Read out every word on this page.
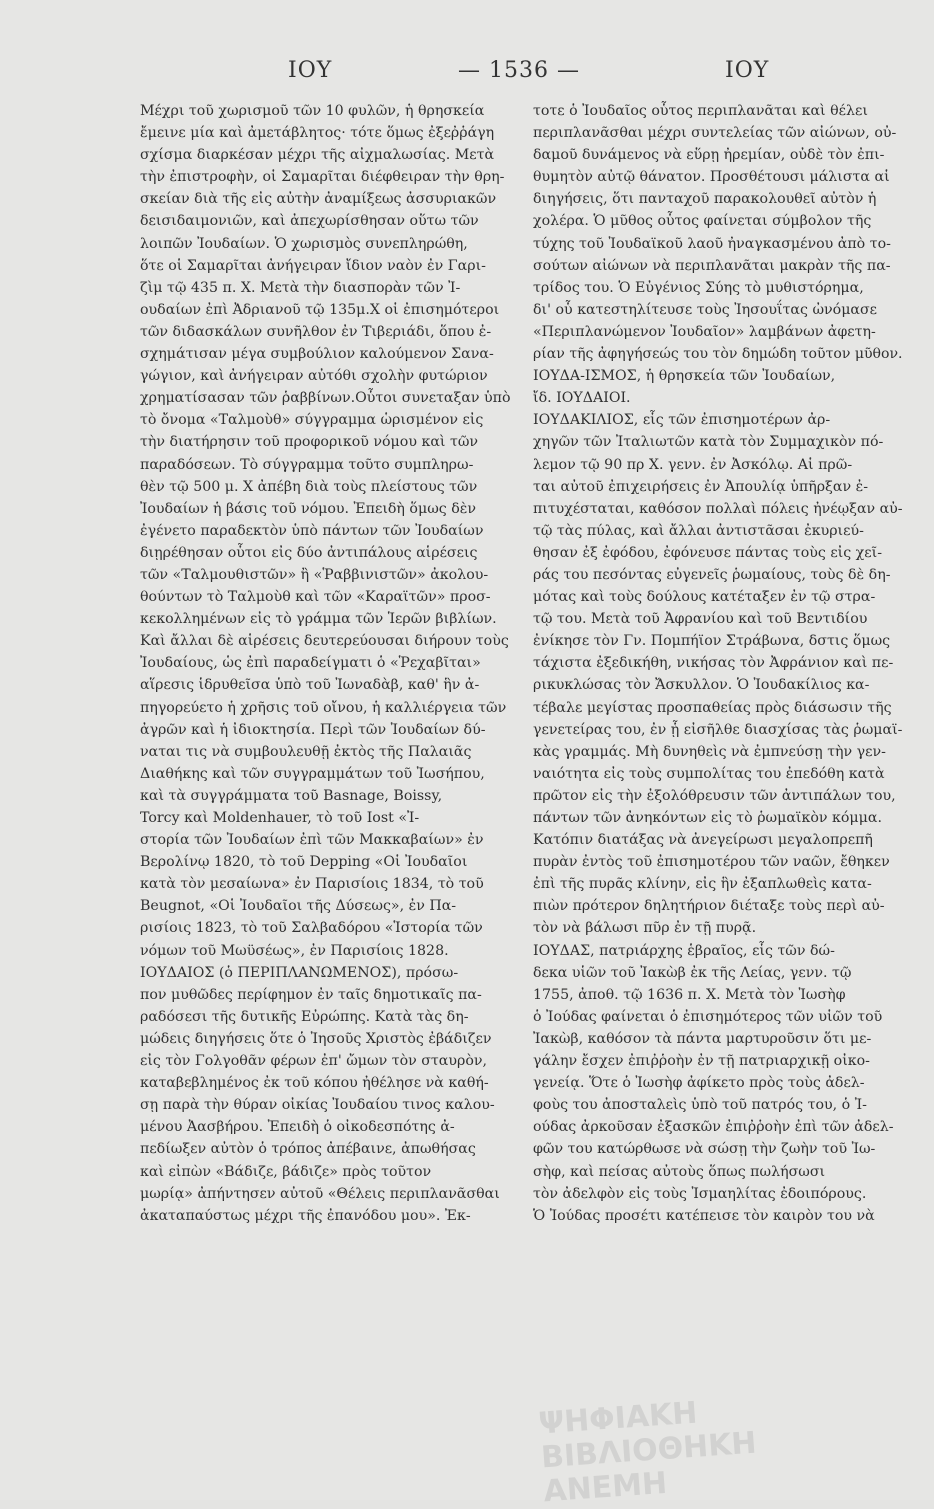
ΙΟΥ	— 1536 —	ΙΟΥ
Μέχρι τοῦ χωρισμοῦ τῶν 10 φυλῶν, ἡ θρησκεία
ἔμεινε μία καὶ ἀμετάβλητος· τότε ὅμως ἐξεῤῥάγη
σχίσμα διαρκέσαν μέχρι τῆς αἰχμαλωσίας. Μετὰ
τὴν ἐπιστροφὴν, οἱ Σαμαρῖται διέφθειραν τὴν θρη-
σκείαν διὰ τῆς εἰς αὐτὴν ἀναμίξεως ἀσσυριακῶν
δεισιδαιμονιῶν, καὶ ἀπεχωρίσθησαν οὕτω τῶν
λοιπῶν Ἰουδαίων. Ὁ χωρισμὸς συνεπληρώθη,
ὅτε οἱ Σαμαρῖται ἀνήγειραν ἴδιον ναὸν ἐν Γαρι-
ζὶμ τῷ 435 π. Χ. Μετὰ τὴν διασπορὰν τῶν Ἰ-
ουδαίων ἐπὶ Ἀδριανοῦ τῷ 135μ.Χ οἱ ἐπισημότεροι
τῶν διδασκάλων συνῆλθον ἐν Τιβεριάδι, ὅπου ἐ-
σχημάτισαν μέγα συμβούλιον καλούμενον Σανα-
γώγιον, καὶ ἀνήγειραν αὐτόθι σχολὴν φυτώριον
χρηματίσασαν τῶν ῥαββίνων.Οὗτοι συνεταξαν ὑπὸ
τὸ ὄνομα «Ταλμοὺθ» σύγγραμμα ὡρισμένον εἰς
τὴν διατήρησιν τοῦ προφορικοῦ νόμου καὶ τῶν
παραδόσεων. Τὸ σύγγραμμα τοῦτο συμπληρω-
θὲν τῷ 500 μ. Χ ἀπέβη διὰ τοὺς πλείστους τῶν
Ἰουδαίων ἡ βάσις τοῦ νόμου. Ἐπειδὴ ὅμως δὲν
ἐγένετο παραδεκτὸν ὑπὸ πάντων τῶν Ἰουδαίων
διῃρέθησαν οὗτοι εἰς δύο ἀντιπάλους αἱρέσεις
τῶν «Ταλμουθιστῶν» ἢ «Ῥαββινιστῶν» ἀκολου-
θούντων τὸ Ταλμοὺθ καὶ τῶν «Καραϊτῶν» προσ-
κεκολλημένων εἰς τὸ γράμμα τῶν Ἱερῶν βιβλίων.
Καὶ ἄλλαι δὲ αἱρέσεις δευτερεύουσαι διήρουν τοὺς
Ἰουδαίους, ὡς ἐπὶ παραδείγματι ὁ «Ῥεχαβῖται»
αἵρεσις ἱδρυθεῖσα ὑπὸ τοῦ Ἰωναδὰβ, καθ' ἣν ἀ-
πηγορεύετο ἡ χρῆσις τοῦ οἴνου, ἡ καλλιέργεια τῶν
ἀγρῶν καὶ ἡ ἰδιοκτησία. Περὶ τῶν Ἰουδαίων δύ-
ναται τις νὰ συμβουλευθῇ ἐκτὸς τῆς Παλαιᾶς
Διαθήκης καὶ τῶν συγγραμμάτων τοῦ Ἰωσήπου,
καὶ τὰ συγγράμματα τοῦ Basnage, Boissy,
Torcy καὶ Moldenhauer, τὸ τοῦ Iost «Ἰ-
στορία τῶν Ἰουδαίων ἐπὶ τῶν Μακκαβαίων» ἐν
Βερολίνῳ 1820, τὸ τοῦ Depping «Οἱ Ἰουδαῖοι
κατὰ τὸν μεσαίωνα» ἐν Παρισίοις 1834, τὸ τοῦ
Beugnot, «Οἱ Ἰουδαῖοι τῆς Δύσεως», ἐν Πα-
ρισίοις 1823, τὸ τοῦ Σαλβαδόρου «Ἱστορία τῶν
νόμων τοῦ Μωϋσέως», ἐν Παρισίοις 1828.
ΙΟΥΔΑΙΟΣ (ὁ ΠΕΡΙΠΛΑΝΩΜΕΝΟΣ), πρόσω-
πον μυθῶδες περίφημον ἐν ταῖς δημοτικαῖς πα-
ραδόσεσι τῆς δυτικῆς Εὐρώπης. Κατὰ τὰς δη-
μώδεις διηγήσεις ὅτε ὁ Ἰησοῦς Χριστὸς ἐβάδιζεν
εἰς τὸν Γολγοθᾶν φέρων ἐπ' ὤμων τὸν σταυρὸν,
καταβεβλημένος ἐκ τοῦ κόπου ἠθέλησε νὰ καθή-
σῃ παρὰ τὴν θύραν οἰκίας Ἰουδαίου τινος καλου-
μένου Ἀασβήρου. Ἐπειδὴ ὁ οἰκοδεσπότης ἀ-
πεδίωξεν αὐτὸν ὁ τρόπος ἀπέβαινε, ἀπωθήσας
καὶ εἰπὼν «Βάδιζε, βάδιζε» πρὸς τοῦτον
μωρίᾳ» ἀπήντησεν αὐτοῦ «Θέλεις περιπλανᾶσθαι
ἀκαταπαύστως μέχρι τῆς ἐπανόδου μου». Ἐκ-
τοτε ὁ Ἰουδαῖος οὗτος περιπλανᾶται καὶ θέλει
περιπλανᾶσθαι μέχρι συντελείας τῶν αἰώνων, οὐ-
δαμοῦ δυνάμενος νὰ εὕρῃ ἠρεμίαν, οὐδὲ τὸν ἐπι-
θυμητὸν αὐτῷ θάνατον. Προσθέτουσι μάλιστα αἱ
διηγήσεις, ὅτι πανταχοῦ παρακολουθεῖ αὐτὸν ἡ
χολέρα. Ὁ μῦθος οὗτος φαίνεται σύμβολον τῆς
τύχης τοῦ Ἰουδαϊκοῦ λαοῦ ἠναγκασμένου ἀπὸ το-
σούτων αἰώνων νὰ περιπλανᾶται μακρὰν τῆς πα-
τρίδος του. Ὁ Εὐγένιος Σύης τὸ μυθιστόρημα,
δι' οὗ κατεστηλίτευσε τοὺς Ἰησουΐτας ὠνόμασε
«Περιπλανώμενον Ἰουδαῖον» λαμβάνων ἀφετη-
ρίαν τῆς ἀφηγήσεώς του τὸν δημώδη τοῦτον μῦθον.
ΙΟΥΔΑ-ΙΣΜΟΣ, ἡ θρησκεία τῶν Ἰουδαίων,
ἴδ. ΙΟΥΔΑΙΟΙ.
ΙΟΥΔΑΚΙΛΙΟΣ, εἷς τῶν ἐπισημοτέρων ἀρ-
χηγῶν τῶν Ἰταλιωτῶν κατὰ τὸν Συμμαχικὸν πό-
λεμον τῷ 90 πρ Χ. γενν. ἐν Ἀσκόλῳ. Αἱ πρῶ-
ται αὐτοῦ ἐπιχειρήσεις ἐν Ἀπουλίᾳ ὑπῆρξαν ἐ-
πιτυχέσταται, καθόσον πολλαὶ πόλεις ἠνέῳξαν αὐ-
τῷ τὰς πύλας, καὶ ἄλλαι ἀντιστᾶσαι ἐκυριεύ-
θησαν ἐξ ἐφόδου, ἐφόνευσε πάντας τοὺς εἰς χεῖ-
ράς του πεσόντας εὐγενεῖς ῥωμαίους, τοὺς δὲ δη-
μότας καὶ τοὺς δούλους κατέταξεν ἐν τῷ στρα-
τῷ του. Μετὰ τοῦ Ἀφρανίου καὶ τοῦ Βεντιδίου
ἐνίκησε τὸν Γν. Πομπήϊον Στράβωνα, δστις ὅμως
τάχιστα ἐξεδικήθη, νικήσας τὸν Ἀφράνιον καὶ πε-
ρικυκλώσας τὸν Ἄσκυλλον. Ὁ Ἰουδακίλιος κα-
τέβαλε μεγίστας προσπαθείας πρὸς διάσωσιν τῆς
γενετείρας του, ἐν ᾗ εἰσῆλθε διασχίσας τὰς ῥωμαϊ-
κὰς γραμμάς. Μὴ δυνηθεὶς νὰ ἐμπνεύσῃ τὴν γεν-
ναιότητα εἰς τοὺς συμπολίτας του ἐπεδόθη κατὰ
πρῶτον εἰς τὴν ἐξολόθρευσιν τῶν ἀντιπάλων του,
πάντων τῶν ἀνηκόντων εἰς τὸ ῥωμαϊκὸν κόμμα.
Κατόπιν διατάξας νὰ ἀνεγείρωσι μεγαλοπρεπῆ
πυρὰν ἐντὸς τοῦ ἐπισημοτέρου τῶν ναῶν, ἔθηκεν
ἐπὶ τῆς πυρᾶς κλίνην, εἰς ἣν ἐξαπλωθεὶς κατα-
πιὼν πρότερον δηλητήριον διέταξε τοὺς περὶ αὐ-
τὸν νὰ βάλωσι πῦρ ἐν τῇ πυρᾷ.
ΙΟΥΔΑΣ, πατριάρχης ἑβραῖος, εἷς τῶν δώ-
δεκα υἱῶν τοῦ Ἰακὼβ ἐκ τῆς Λείας, γενν. τῷ
1755, ἀποθ. τῷ 1636 π. Χ. Μετὰ τὸν Ἰωσὴφ
ὁ Ἰούδας φαίνεται ὁ ἐπισημότερος τῶν υἱῶν τοῦ
Ἰακὼβ, καθόσον τὰ πάντα μαρτυροῦσιν ὅτι με-
γάλην ἔσχεν ἐπιῤῥοὴν ἐν τῇ πατριαρχικῇ οἰκο-
γενείᾳ. Ὅτε ὁ Ἰωσὴφ ἀφίκετο πρὸς τοὺς ἀδελ-
φοὺς του ἀποσταλεὶς ὑπὸ τοῦ πατρός του, ὁ Ἰ-
ούδας ἀρκοῦσαν ἐξασκῶν ἐπιῤῥοὴν ἐπὶ τῶν ἀδελ-
φῶν του κατώρθωσε νὰ σώσῃ τὴν ζωὴν τοῦ Ἰω-
σὴφ, καὶ πείσας αὐτοὺς ὅπως πωλήσωσι
τὸν ἀδελφὸν εἰς τοὺς Ἰσμαηλίτας ἐδοιπόρους.
Ὁ Ἰούδας προσέτι κατέπεισε τὸν καιρὸν του νὰ
ΨΗΦΙΑΚΗ ΒΙΒΛΙΟΘΗΚΗ
ΑΝΕΜΗ
